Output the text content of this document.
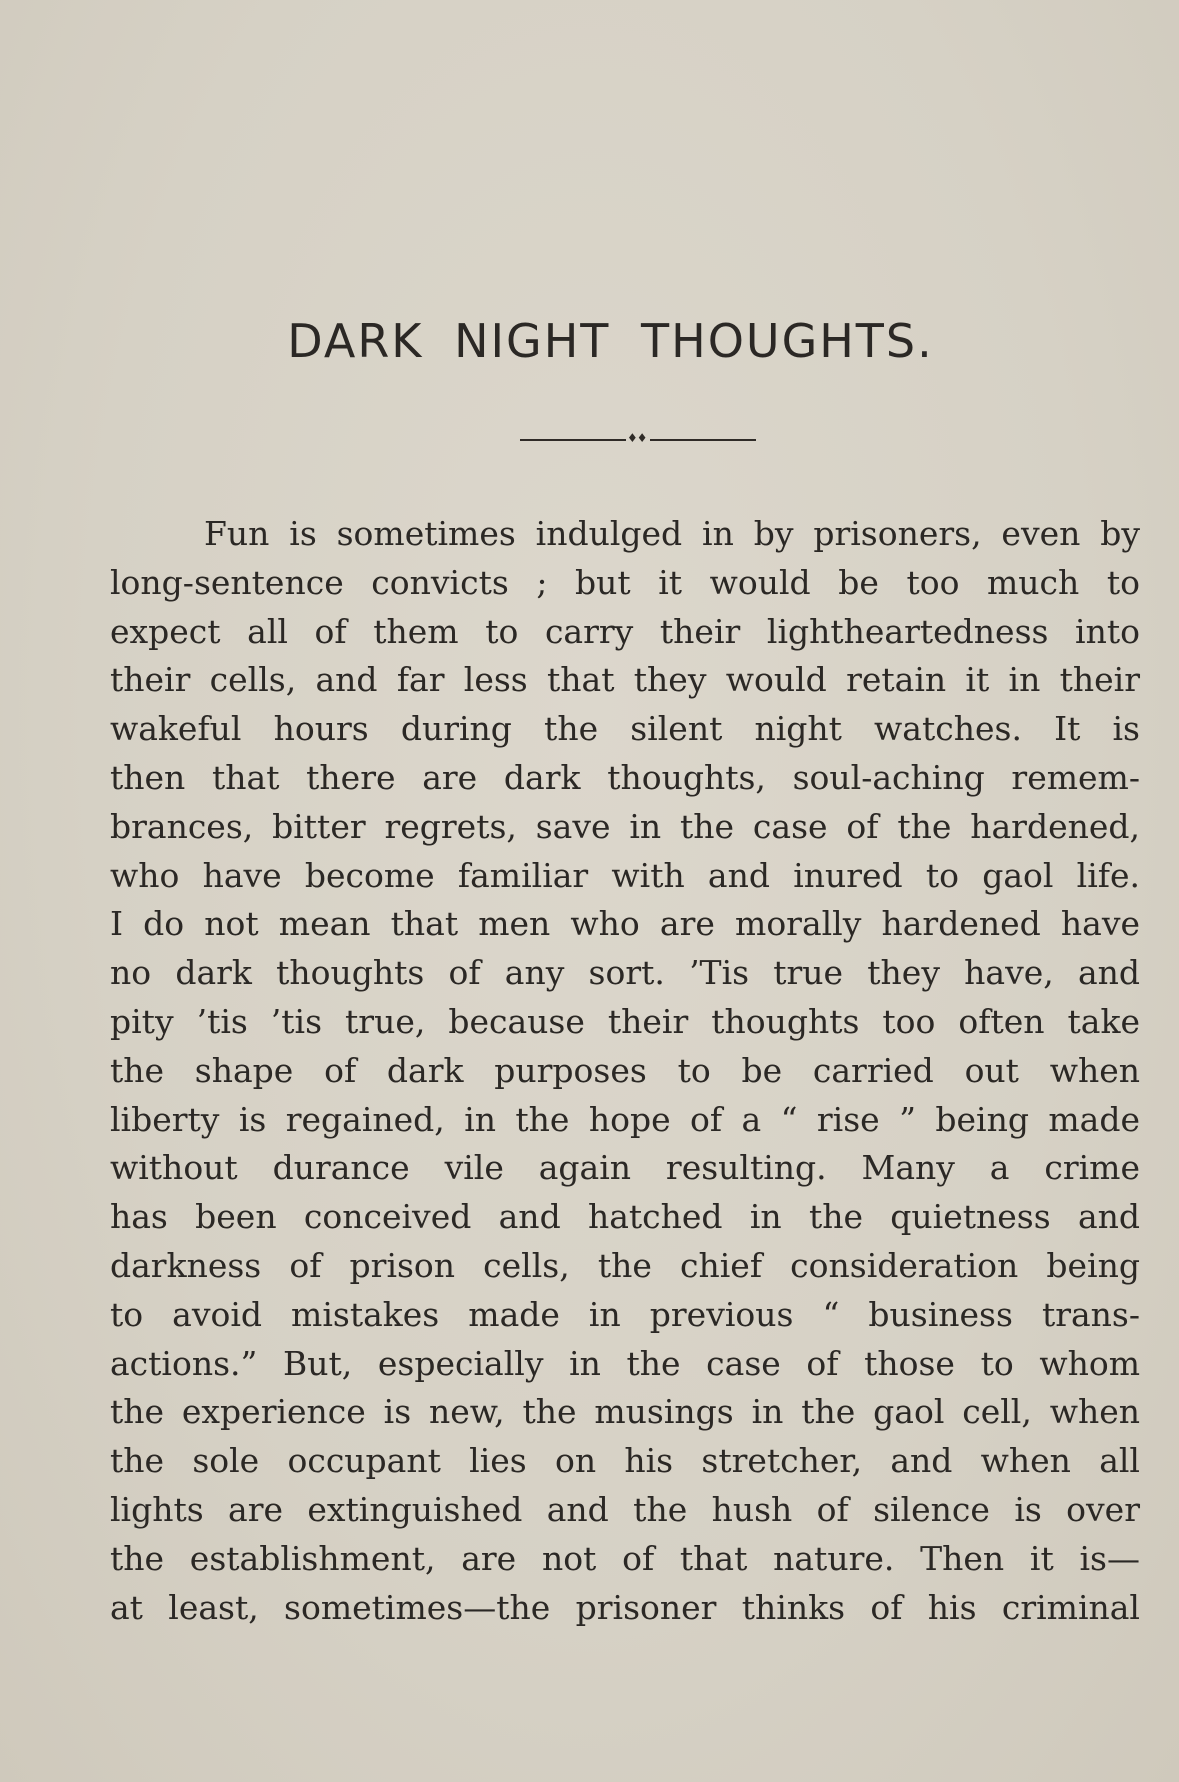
DARK NIGHT THOUGHTS.
♦♦
Fun is sometimes indulged in by prisoners, even by
long-sentence convicts ; but it would be too much to
expect all of them to carry their lightheartedness into
their cells, and far less that they would retain it in their
wakeful hours during the silent night watches. It is
then that there are dark thoughts, soul-aching remem-
brances, bitter regrets, save in the case of the hardened,
who have become familiar with and inured to gaol life.
I do not mean that men who are morally hardened have
no dark thoughts of any sort. ’Tis true they have, and
pity ’tis ’tis true, because their thoughts too often take
the shape of dark purposes to be carried out when
liberty is regained, in the hope of a “ rise ” being made
without durance vile again resulting. Many a crime
has been conceived and hatched in the quietness and
darkness of prison cells, the chief consideration being
to avoid mistakes made in previous “ business trans-
actions.” But, especially in the case of those to whom
the experience is new, the musings in the gaol cell, when
the sole occupant lies on his stretcher, and when all
lights are extinguished and the hush of silence is over
the establishment, are not of that nature. Then it is—
at least, sometimes—the prisoner thinks of his criminal
